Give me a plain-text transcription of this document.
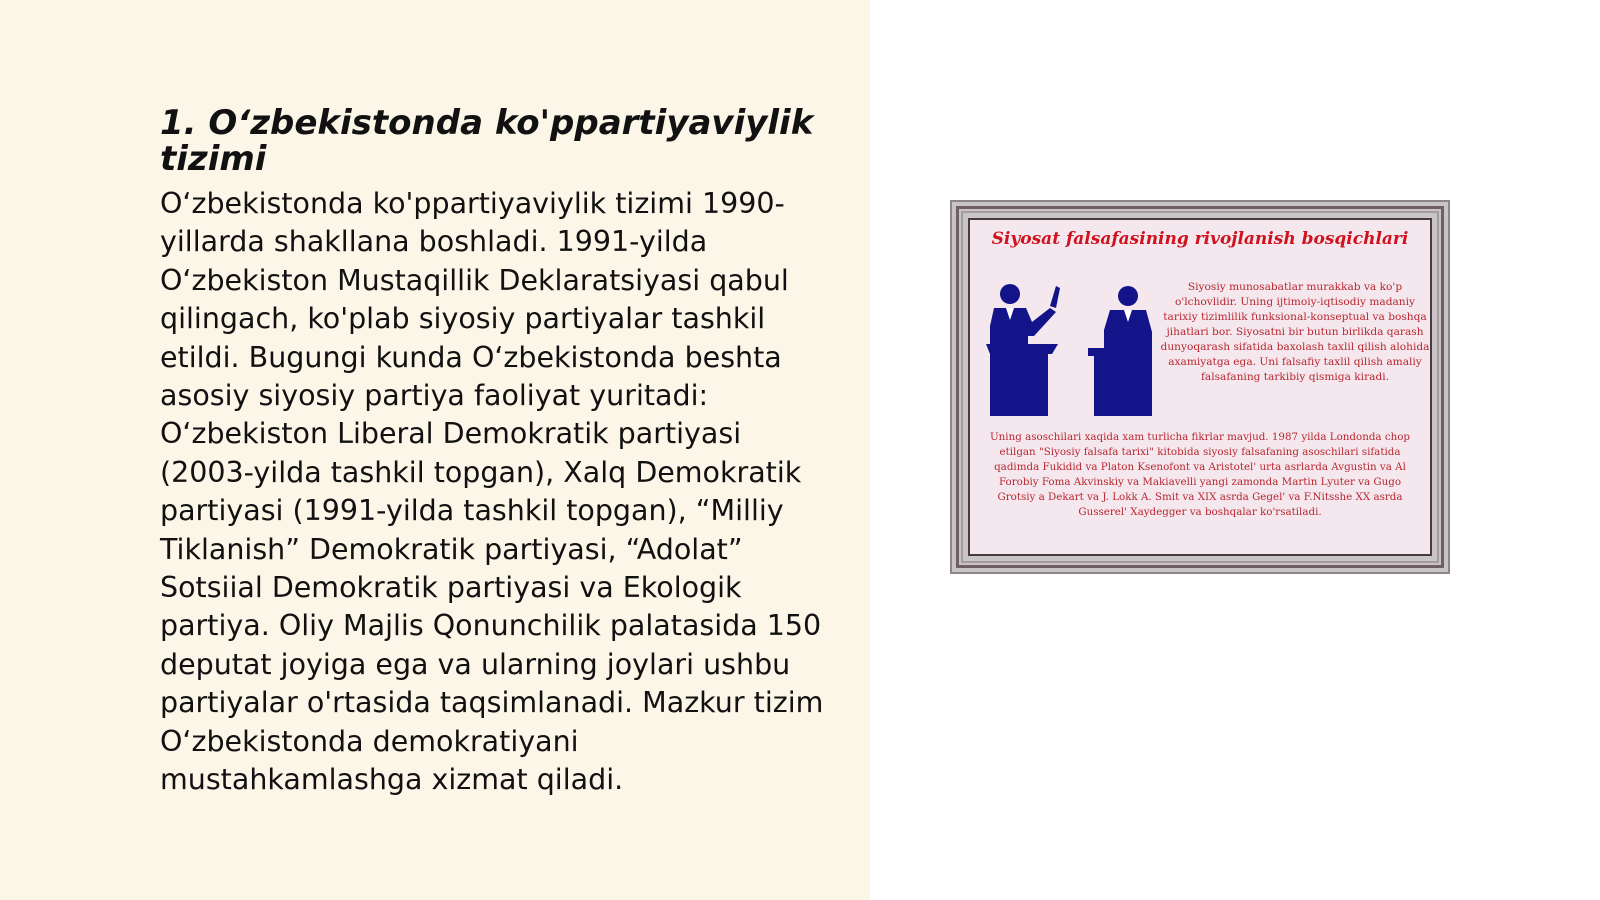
1. O‘zbekistonda ko'ppartiyaviylik tizimi

O‘zbekistonda ko'ppartiyaviylik tizimi 1990-yillarda shakllana boshladi. 1991-yilda O‘zbekiston Mustaqillik Deklaratsiyasi qabul qilingach, ko'plab siyosiy partiyalar tashkil etildi. Bugungi kunda O‘zbekistonda beshta asosiy siyosiy partiya faoliyat yuritadi: O‘zbekiston Liberal Demokratik partiyasi (2003-yilda tashkil topgan), Xalq Demokratik partiyasi (1991-yilda tashkil topgan), “Milliy Tiklanish” Demokratik partiyasi, “Adolat” Sotsiial Demokratik partiyasi va Ekologik partiya. Oliy Majlis Qonunchilik palatasida 150 deputat joyiga ega va ularning joylari ushbu partiyalar o'rtasida taqsimlanadi. Mazkur tizim O‘zbekistonda demokratiyani mustahkamlashga xizmat qiladi.

Siyosat falsafasining rivojlanish bosqichlari
Siyosiy munosabatlar murakkab va ko'p o'lchovlidir. Uning ijtimoiy-iqtisodiy madaniy tarixiy tizimlilik funksional-konseptual va boshqa jihatlari bor. Siyosatni bir butun birlikda qarash dunyoqarash sifatida baxolash taxlil qilish alohida axamiyatga ega. Uni falsafiy taxlil qilish amaliy falsafaning tarkibiy qismiga kiradi.
Uning asoschilari xaqida xam turlicha fikrlar mavjud. 1987 yilda Londonda chop etilgan "Siyosiy falsafa tarixi" kitobida siyosiy falsafaning asoschilari sifatida qadimda Fukidid va Platon Ksenofont va Aristotel' urta asrlarda Avgustin va Al Forobiy Foma Akvinskiy va Makiavelli yangi zamonda Martin Lyuter va Gugo Grotsiy a Dekart va J. Lokk A. Smit va XIX asrda Gegel' va F.Nitsshe XX asrda Gusserel' Xaydegger va boshqalar ko'rsatiladi.
